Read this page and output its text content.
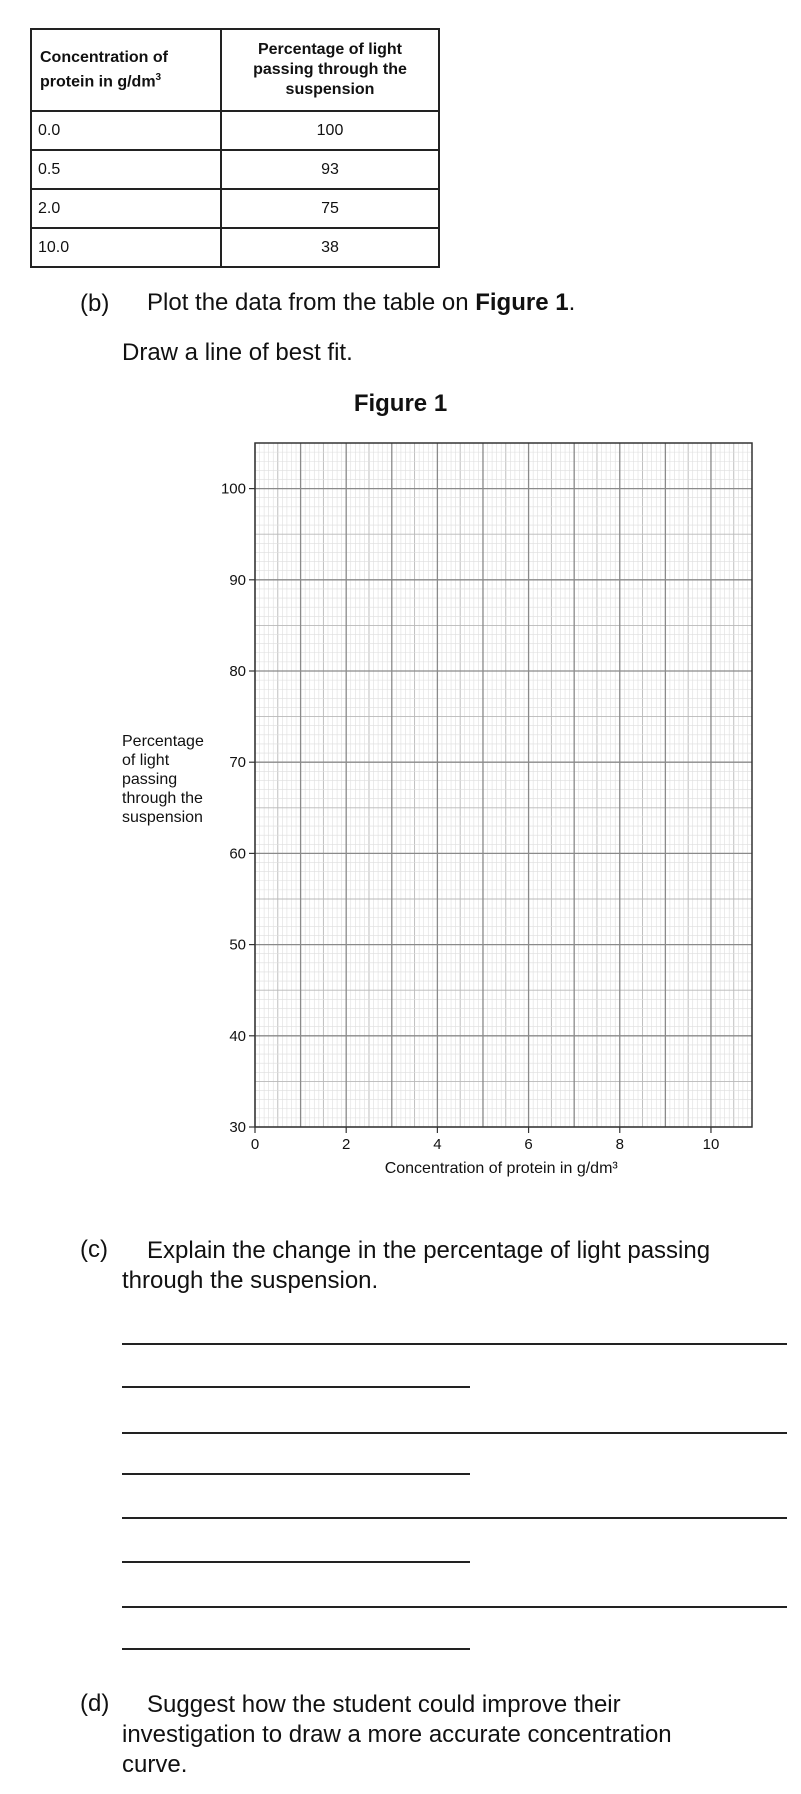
Concentration of protein in $g/dm^3$	Percentage of light passing through the suspension
0.0	100
0.5	93
2.0	75
10.0	38
(b) Plot the data from the table on Figure 1.
Draw a line of best fit.
Figure 1
30
40
50
60
70
80
90
100
0	2	4	6	8	10
Concentration of protein in g/dm³
Percentage
of light
passing
through the
suspension
(c) Explain the change in the percentage of light passing
through the suspension.
(d) Suggest how the student could improve their
investigation to draw a more accurate concentration
curve.
